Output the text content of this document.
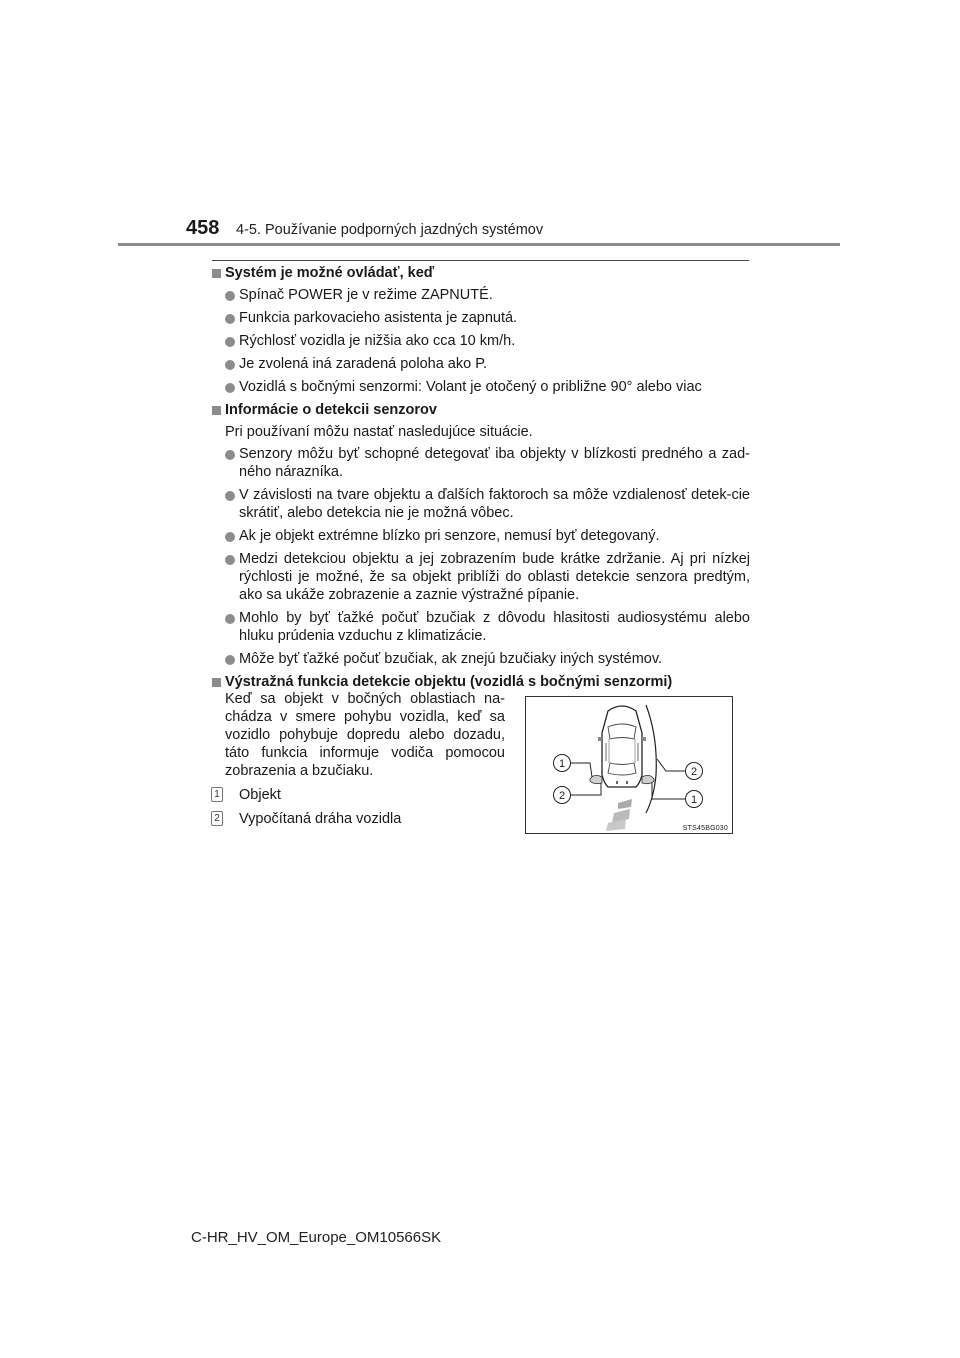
458 4-5. Používanie podporných jazdných systémov
Systém je možné ovládať, keď
Spínač POWER je v režime ZAPNUTÉ.
Funkcia parkovacieho asistenta je zapnutá.
Rýchlosť vozidla je nižšia ako cca 10 km/h.
Je zvolená iná zaradená poloha ako P.
Vozidlá s bočnými senzormi: Volant je otočený o približne 90° alebo viac
Informácie o detekcii senzorov
Pri používaní môžu nastať nasledujúce situácie.
Senzory môžu byť schopné detegovať iba objekty v blízkosti predného a zad-ného nárazníka.
V závislosti na tvare objektu a ďalších faktoroch sa môže vzdialenosť detek-cie skrátiť, alebo detekcia nie je možná vôbec.
Ak je objekt extrémne blízko pri senzore, nemusí byť detegovaný.
Medzi detekciou objektu a jej zobrazením bude krátke zdržanie. Aj pri nízkej rýchlosti je možné, že sa objekt priblíži do oblasti detekcie senzora predtým, ako sa ukáže zobrazenie a zaznie výstražné pípanie.
Mohlo by byť ťažké počuť bzučiak z dôvodu hlasitosti audiosystému alebo hluku prúdenia vzduchu z klimatizácie.
Môže byť ťažké počuť bzučiak, ak znejú bzučiaky iných systémov.
Výstražná funkcia detekcie objektu (vozidlá s bočnými senzormi)
Keď sa objekt v bočných oblastiach na-chádza v smere pohybu vozidla, keď sa vozidlo pohybuje dopredu alebo dozadu, táto funkcia informuje vodiča pomocou zobrazenia a bzučiaku.
1 Objekt
2 Vypočítaná dráha vozidla
1
2
2
1
STS45BG030
C-HR_HV_OM_Europe_OM10566SK
